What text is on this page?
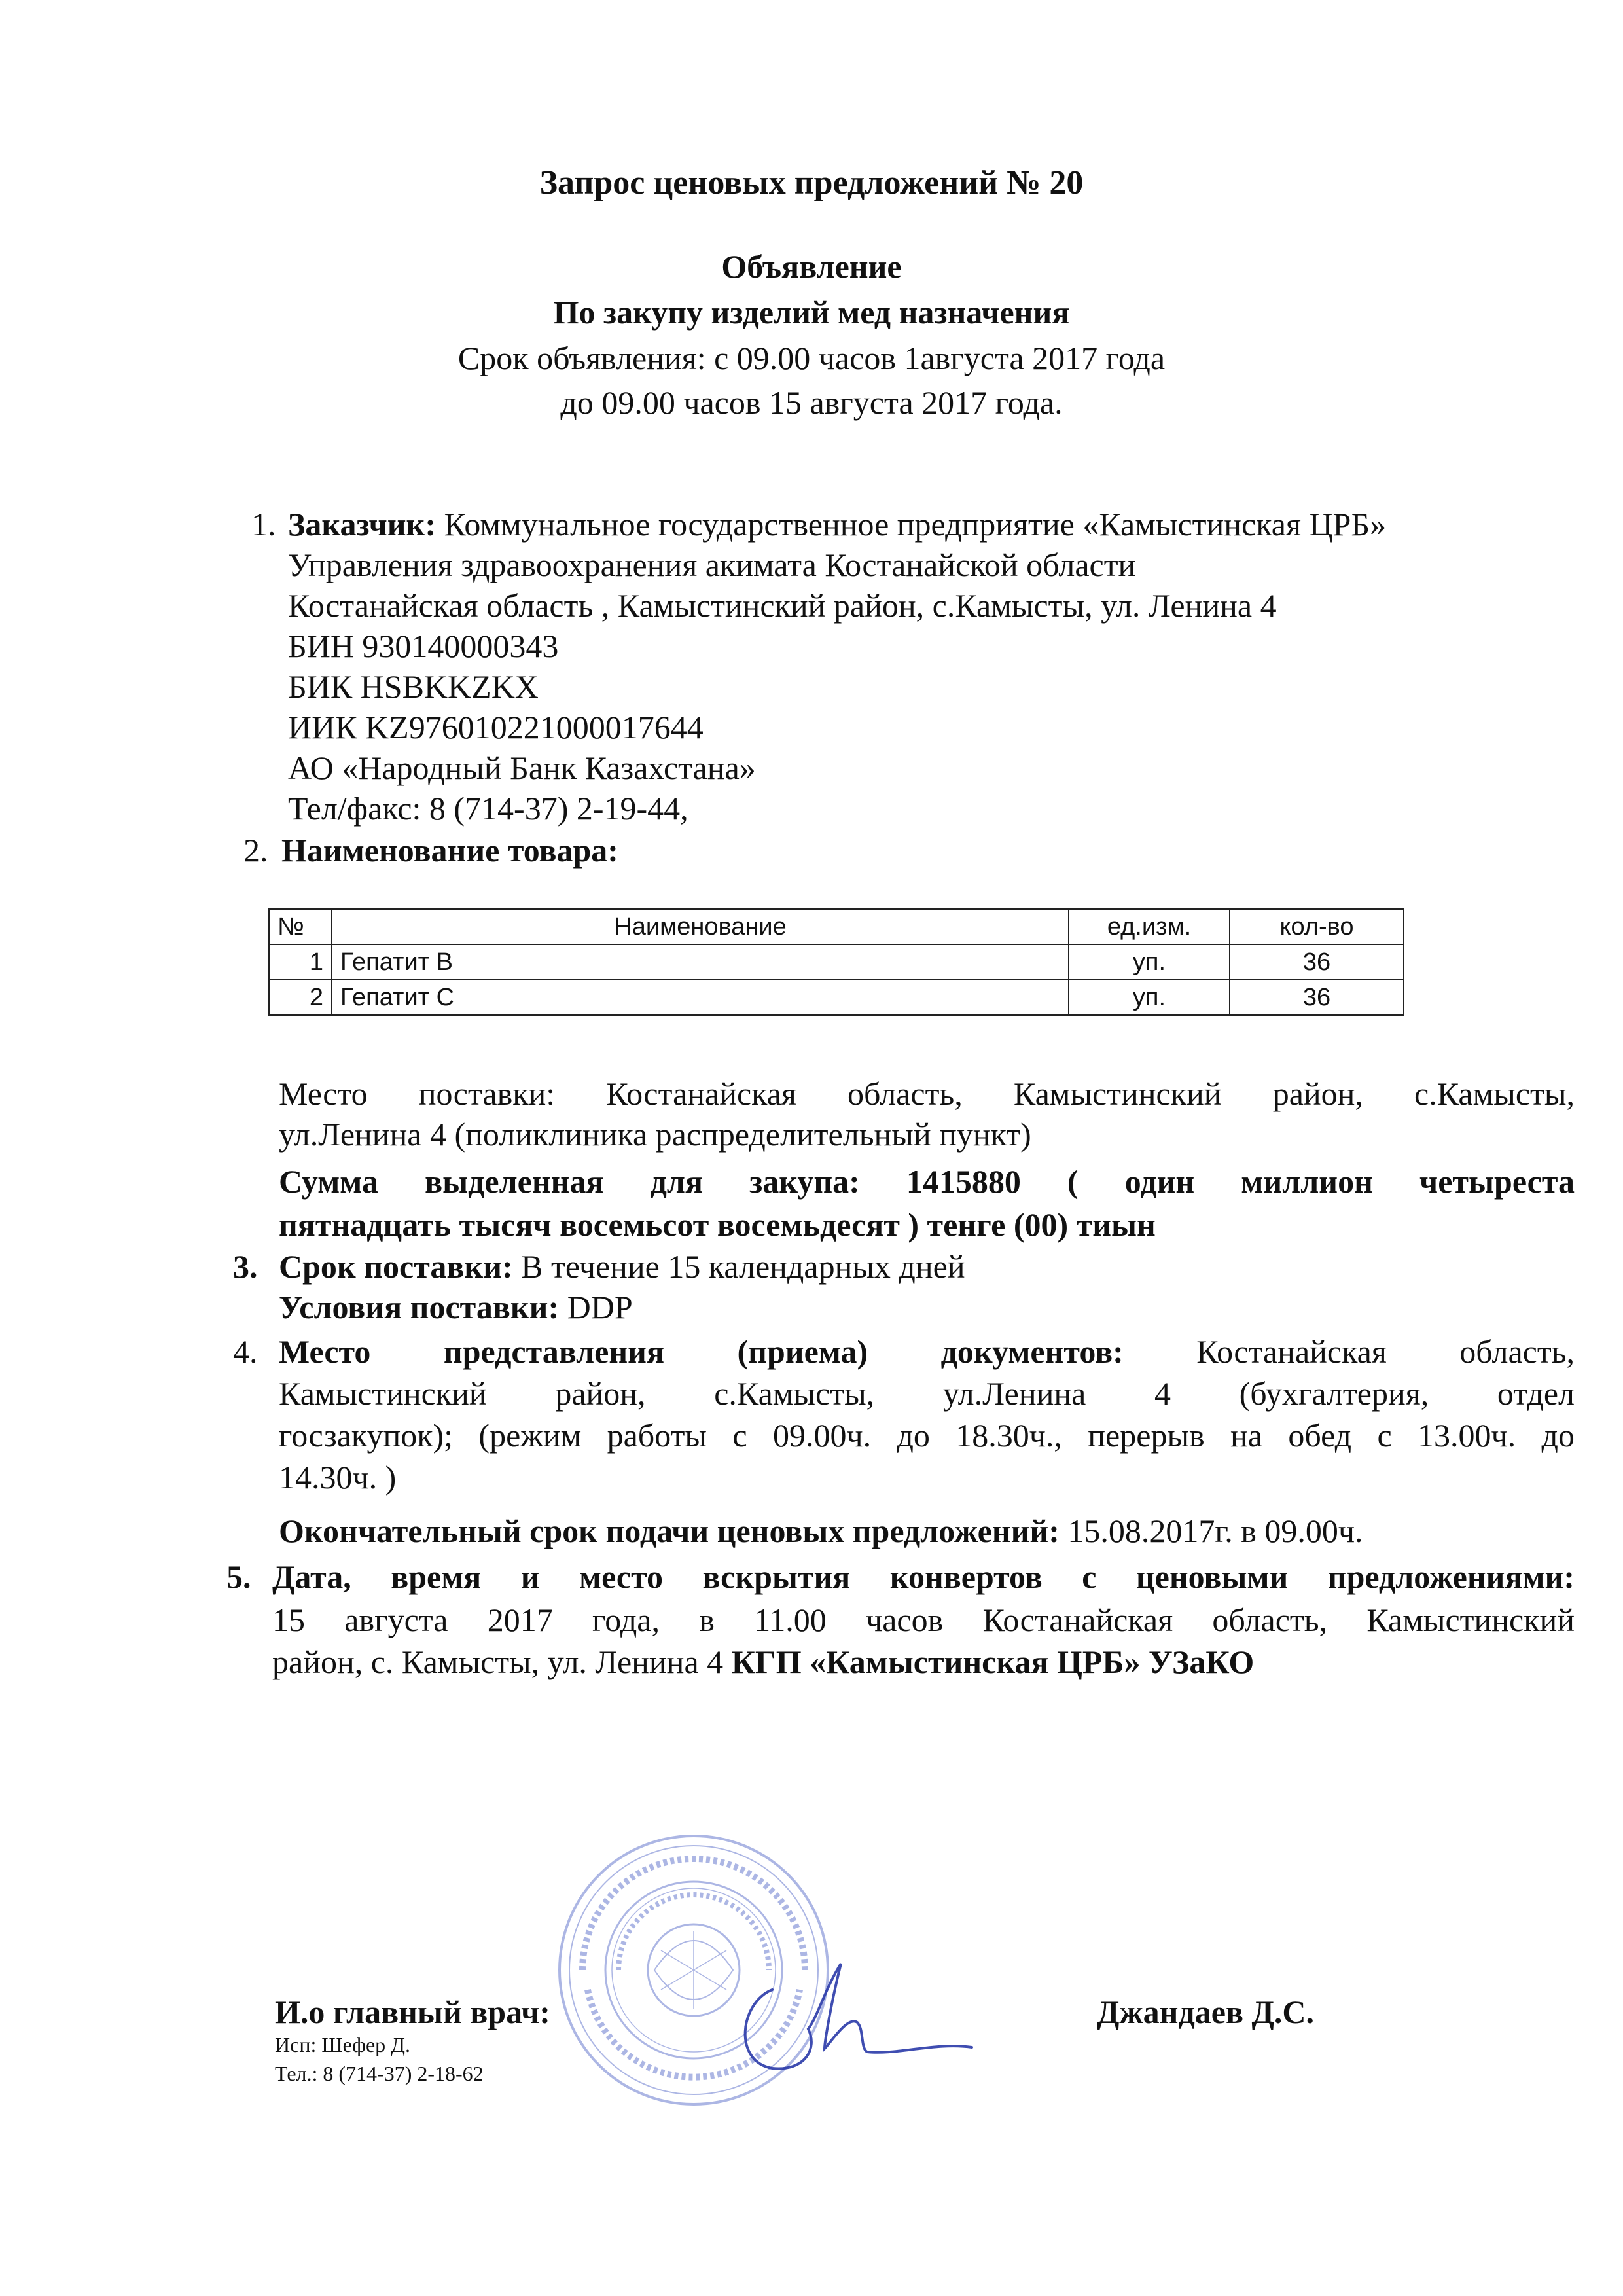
Запрос ценовых предложений № 20
Объявление
По закупу изделий мед назначения
Срок объявления: с 09.00 часов 1августа 2017 года
до 09.00 часов 15 августа 2017 года.
1. Заказчик: Коммунальное государственное предприятие «Камыстинская ЦРБ»
Управления здравоохранения акимата Костанайской области
Костанайская область , Камыстинский район, с.Камысты, ул. Ленина 4
БИН 930140000343
БИК HSBKKZKX
ИИК KZ976010221000017644
АО «Народный Банк Казахстана»
Тел/факс: 8 (714-37) 2-19-44,
2. Наименование товара:
№	Наименование	ед.изм.	кол-во
1	Гепатит В	уп.	36
2	Гепатит С	уп.	36
Место поставки: Костанайская область, Камыстинский район, с.Камысты,
ул.Ленина 4 (поликлиника распределительный пункт)
Сумма выделенная для закупа: 1415880 ( один миллион четыреста
пятнадцать тысяч восемьсот восемьдесят ) тенге (00) тиын
3. Срок поставки: В течение 15 календарных дней
Условия поставки: DDP
4. Место представления (приема) документов: Костанайская область,
Камыстинский район, с.Камысты, ул.Ленина 4 (бухгалтерия, отдел
госзакупок); (режим работы с 09.00ч. до 18.30ч., перерыв на обед с 13.00ч. до
14.30ч. )
Окончательный срок подачи ценовых предложений: 15.08.2017г. в 09.00ч.
5. Дата, время и место вскрытия конвертов с ценовыми предложениями:
15 августа 2017 года, в 11.00 часов Костанайская область, Камыстинский
район, с. Камысты, ул. Ленина 4 КГП «Камыстинская ЦРБ» УЗаКО
И.о главный врач:	Джандаев Д.С.
Исп: Шефер Д.
Тел.: 8 (714-37) 2-18-62
